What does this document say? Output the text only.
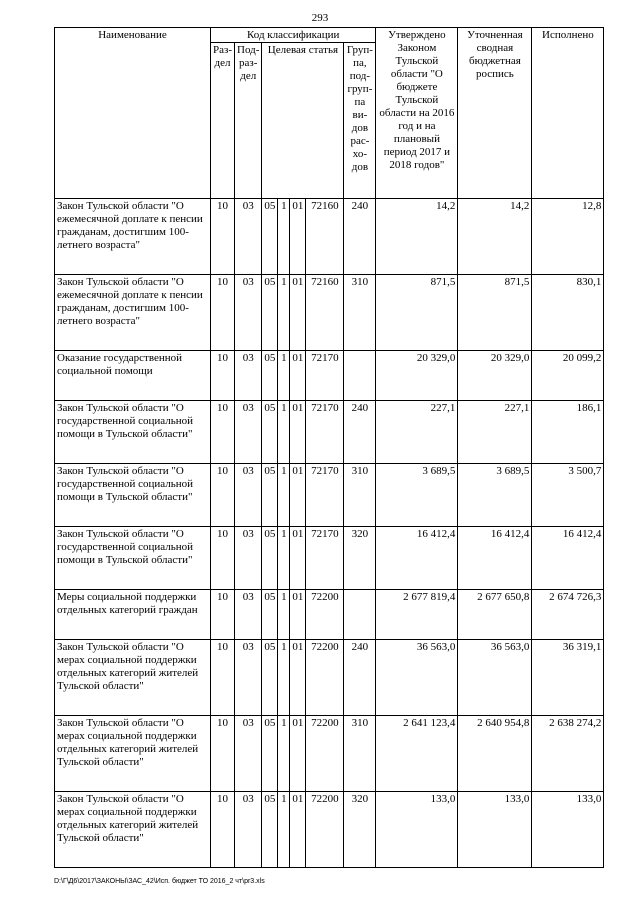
293
Наименование	Код классификации							Утверждено Законом Тульской области "О бюджете Тульской области на 2016 год и на плановый период 2017 и 2018 годов"	Уточненная сводная бюджетная роспись	Исполнено
	Раз-дел	Под-раз-дел	Целевая статья				Груп-па, под-груп-па ви-дов рас-хо-дов			
Закон Тульской области "О ежемесячной доплате к пенсии гражданам, достигшим 100-летнего возраста"	10	03	05	1	01	72160	240	14,2	14,2	12,8
Закон Тульской области "О ежемесячной доплате к пенсии гражданам, достигшим 100-летнего возраста"	10	03	05	1	01	72160	310	871,5	871,5	830,1
Оказание государственной социальной помощи	10	03	05	1	01	72170		20 329,0	20 329,0	20 099,2
Закон Тульской области "О государственной социальной помощи в Тульской области"	10	03	05	1	01	72170	240	227,1	227,1	186,1
Закон Тульской области "О государственной социальной помощи в Тульской области"	10	03	05	1	01	72170	310	3 689,5	3 689,5	3 500,7
Закон Тульской области "О государственной социальной помощи в Тульской области"	10	03	05	1	01	72170	320	16 412,4	16 412,4	16 412,4
Меры социальной поддержки отдельных категорий граждан	10	03	05	1	01	72200		2 677 819,4	2 677 650,8	2 674 726,3
Закон Тульской области "О мерах социальной поддержки отдельных категорий жителей Тульской области"	10	03	05	1	01	72200	240	36 563,0	36 563,0	36 319,1
Закон Тульской области "О мерах социальной поддержки отдельных категорий жителей Тульской области"	10	03	05	1	01	72200	310	2 641 123,4	2 640 954,8	2 638 274,2
Закон Тульской области "О мерах социальной поддержки отдельных категорий жителей Тульской области"	10	03	05	1	01	72200	320	133,0	133,0	133,0
D:\Г\Д6\2017\ЗАКОНЫ\ЗАС_42\Исп. бюджет ТО 2016_2 чт\pr3.xls
